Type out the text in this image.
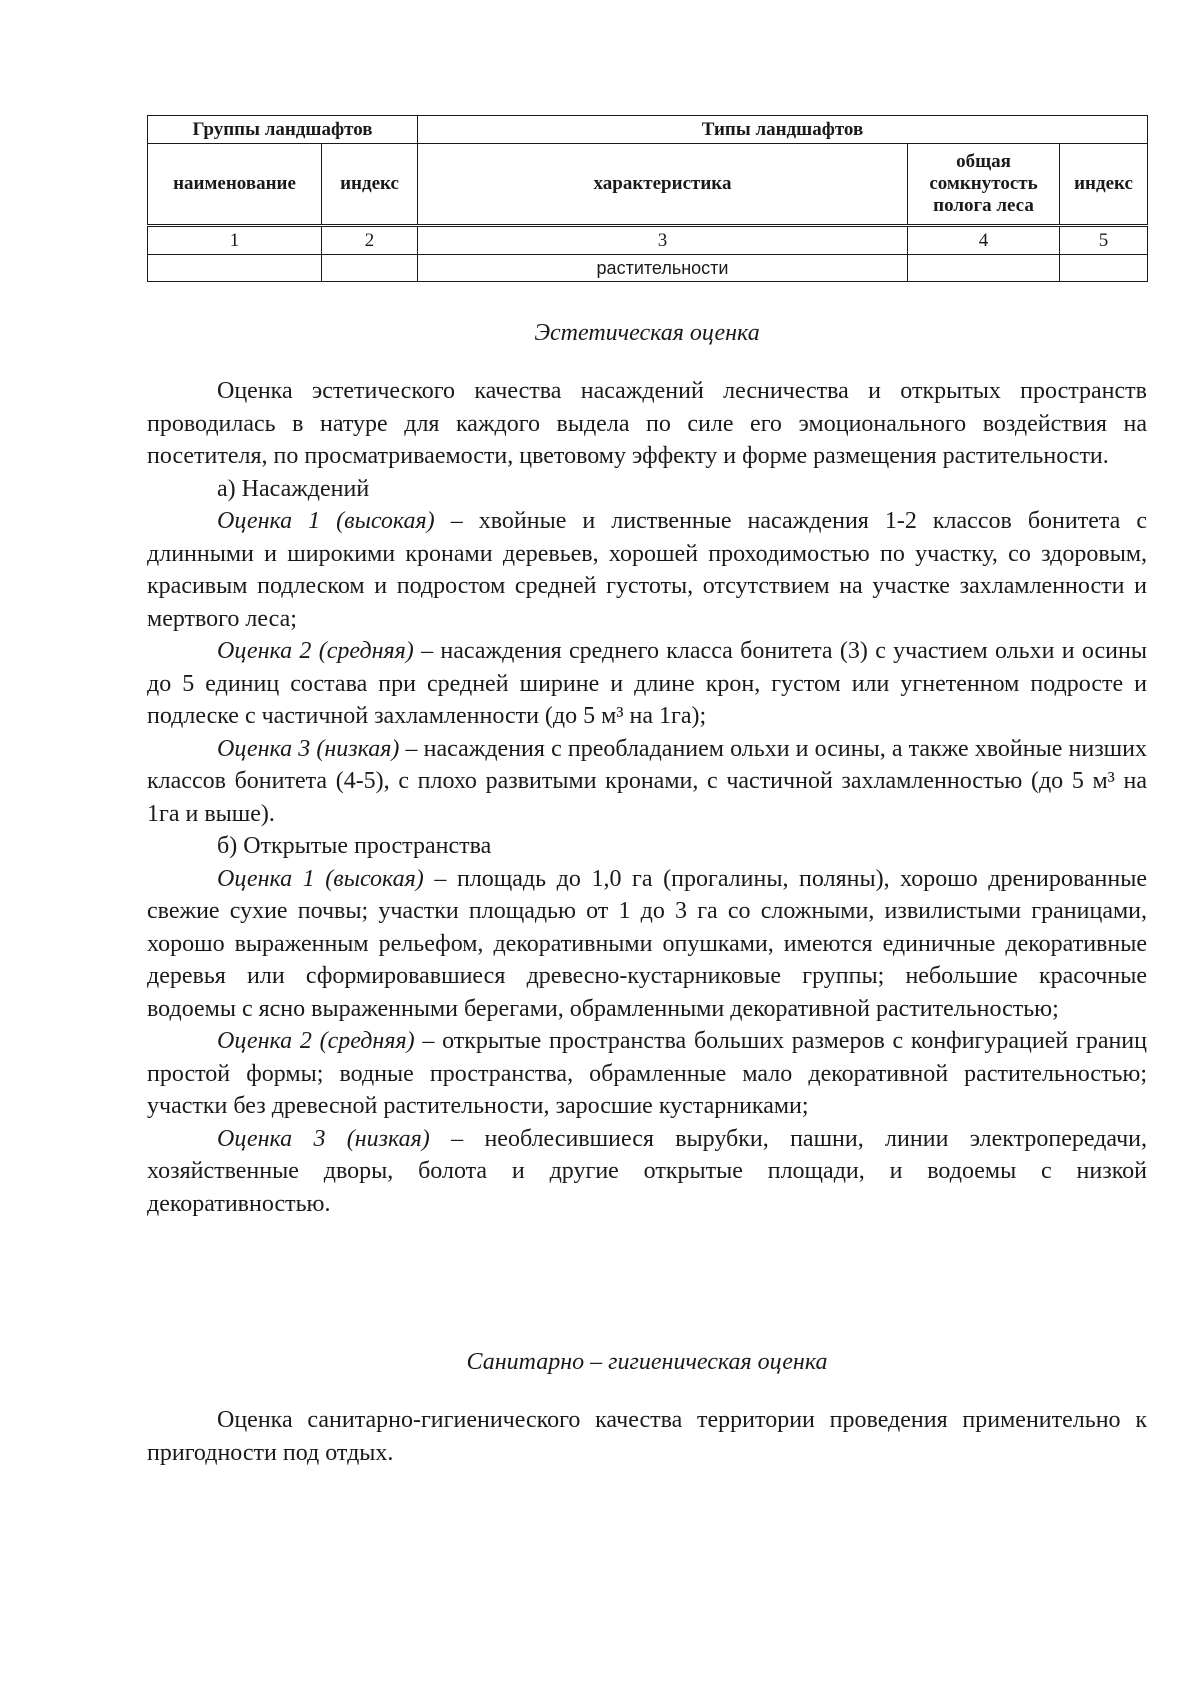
Группы ландшафтов		Типы ландшафтов		
наименование	индекс	характеристика	общая сомкнутость полога леса	индекс
1	2	3	4	5
		растительности		
Эстетическая оценка

Оценка эстетического качества насаждений лесничества и открытых пространств проводилась в натуре для каждого выдела по силе его эмоционального воздействия на посетителя, по просматриваемости, цветовому эффекту и форме размещения растительности.

а) Насаждений

Оценка 1 (высокая) – хвойные и лиственные насаждения 1-2 классов бонитета с длинными и широкими кронами деревьев, хорошей проходимостью по участку, со здоровым, красивым подлеском и подростом средней густоты, отсутствием на участке захламленности и мертвого леса;

Оценка 2 (средняя) – насаждения среднего класса бонитета (3) с участием ольхи и осины до 5 единиц состава при средней ширине и длине крон, густом или угнетенном подросте и подлеске с частичной захламленности (до 5 м³ на 1га);

Оценка 3 (низкая) – насаждения с преобладанием ольхи и осины, а также хвойные низших классов бонитета (4-5), с плохо развитыми кронами, с частичной захламленностью (до 5 м³ на 1га и выше).

б) Открытые пространства

Оценка 1 (высокая) – площадь до 1,0 га (прогалины, поляны), хорошо дренированные свежие сухие почвы; участки площадью от 1 до 3 га со сложными, извилистыми границами, хорошо выраженным рельефом, декоративными опушками, имеются единичные декоративные деревья или сформировавшиеся древесно-кустарниковые группы; небольшие красочные водоемы с ясно выраженными берегами, обрамленными декоративной растительностью;

Оценка 2 (средняя) – открытые пространства больших размеров с конфигурацией границ простой формы; водные пространства, обрамленные мало декоративной растительностью; участки без древесной растительности, заросшие кустарниками;

Оценка 3 (низкая) – необлесившиеся вырубки, пашни, линии электропередачи, хозяйственные дворы, болота и другие открытые площади, и водоемы с низкой декоративностью.

Санитарно – гигиеническая оценка

Оценка санитарно-гигиенического качества территории проведения применительно к пригодности под отдых.
